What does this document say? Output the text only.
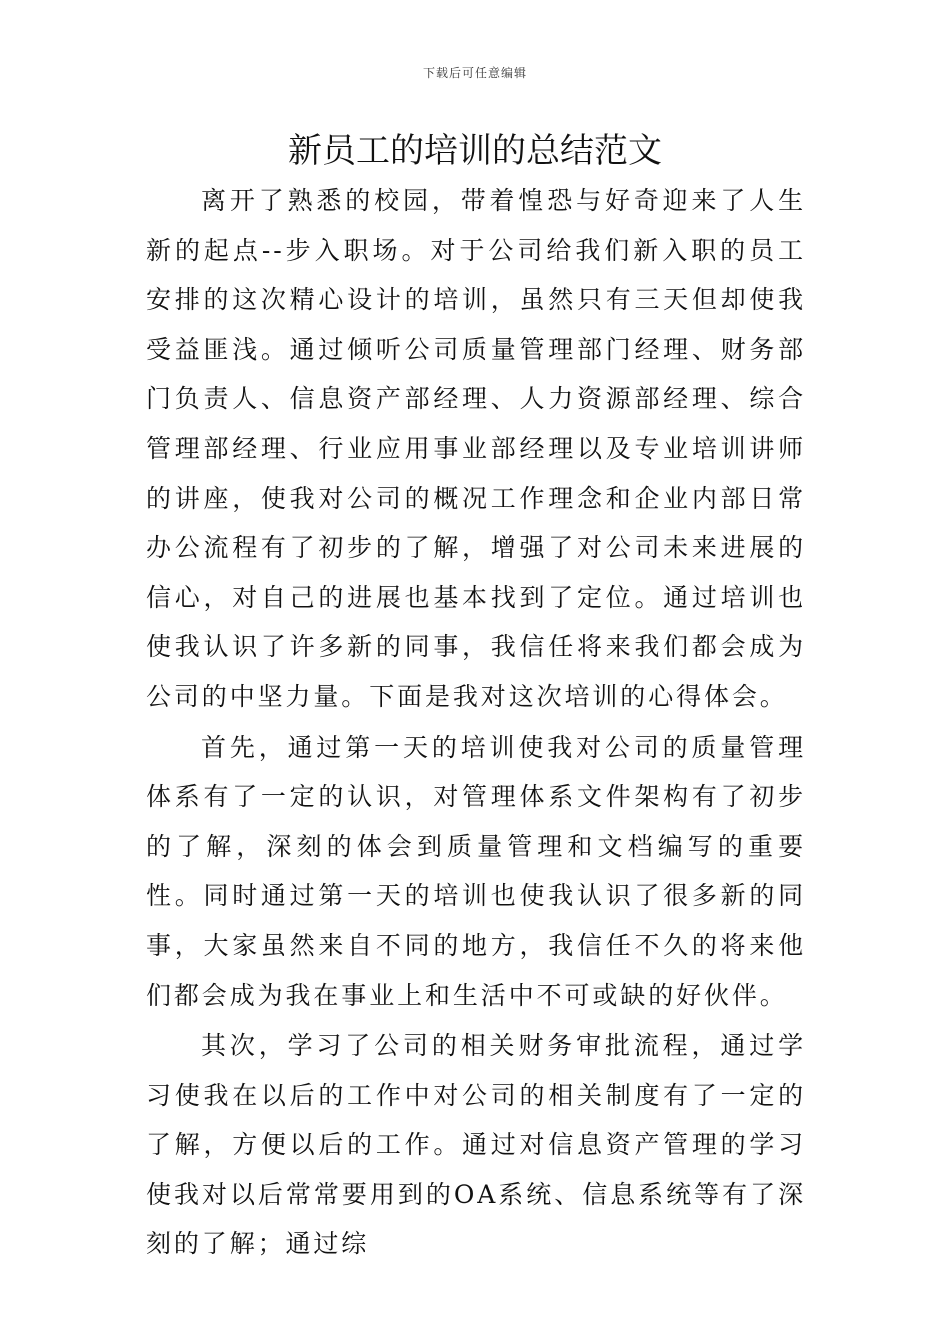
下载后可任意编辑
新员工的培训的总结范文

离开了熟悉的校园，带着惶恐与好奇迎来了人生新的起点--步入职场。对于公司给我们新入职的员工安排的这次精心设计的培训，虽然只有三天但却使我受益匪浅。通过倾听公司质量管理部门经理、财务部门负责人、信息资产部经理、人力资源部经理、综合管理部经理、行业应用事业部经理以及专业培训讲师的讲座，使我对公司的概况工作理念和企业内部日常办公流程有了初步的了解，增强了对公司未来进展的信心，对自己的进展也基本找到了定位。通过培训也使我认识了许多新的同事，我信任将来我们都会成为公司的中坚力量。下面是我对这次培训的心得体会。

首先，通过第一天的培训使我对公司的质量管理体系有了一定的认识，对管理体系文件架构有了初步的了解，深刻的体会到质量管理和文档编写的重要性。同时通过第一天的培训也使我认识了很多新的同事，大家虽然来自不同的地方，我信任不久的将来他们都会成为我在事业上和生活中不可或缺的好伙伴。

其次，学习了公司的相关财务审批流程，通过学习使我在以后的工作中对公司的相关制度有了一定的了解，方便以后的工作。通过对信息资产管理的学习使我对以后常常要用到的OA系统、信息系统等有了深刻的了解；通过综
